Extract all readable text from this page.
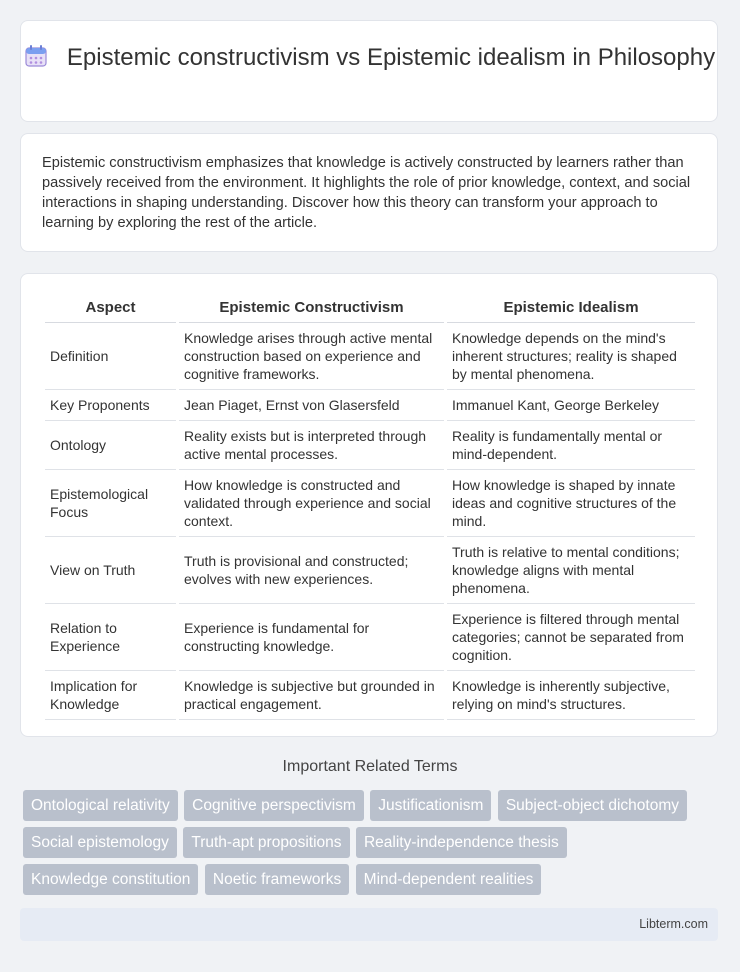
Epistemic constructivism vs Epistemic idealism in Philosophy
Epistemic constructivism emphasizes that knowledge is actively constructed by learners rather than passively received from the environment. It highlights the role of prior knowledge, context, and social interactions in shaping understanding. Discover how this theory can transform your approach to learning by exploring the rest of the article.
Aspect	Epistemic Constructivism	Epistemic Idealism
Definition	Knowledge arises through active mental construction based on experience and cognitive frameworks.	Knowledge depends on the mind's inherent structures; reality is shaped by mental phenomena.
Key Proponents	Jean Piaget, Ernst von Glasersfeld	Immanuel Kant, George Berkeley
Ontology	Reality exists but is interpreted through active mental processes.	Reality is fundamentally mental or mind-dependent.
Epistemological Focus	How knowledge is constructed and validated through experience and social context.	How knowledge is shaped by innate ideas and cognitive structures of the mind.
View on Truth	Truth is provisional and constructed; evolves with new experiences.	Truth is relative to mental conditions; knowledge aligns with mental phenomena.
Relation to Experience	Experience is fundamental for constructing knowledge.	Experience is filtered through mental categories; cannot be separated from cognition.
Implication for Knowledge	Knowledge is subjective but grounded in practical engagement.	Knowledge is inherently subjective, relying on mind's structures.
Important Related Terms
Ontological relativity Cognitive perspectivism Justificationism Subject-object dichotomy Social epistemology Truth-apt propositions Reality-independence thesis Knowledge constitution Noetic frameworks Mind-dependent realities
Libterm.com
